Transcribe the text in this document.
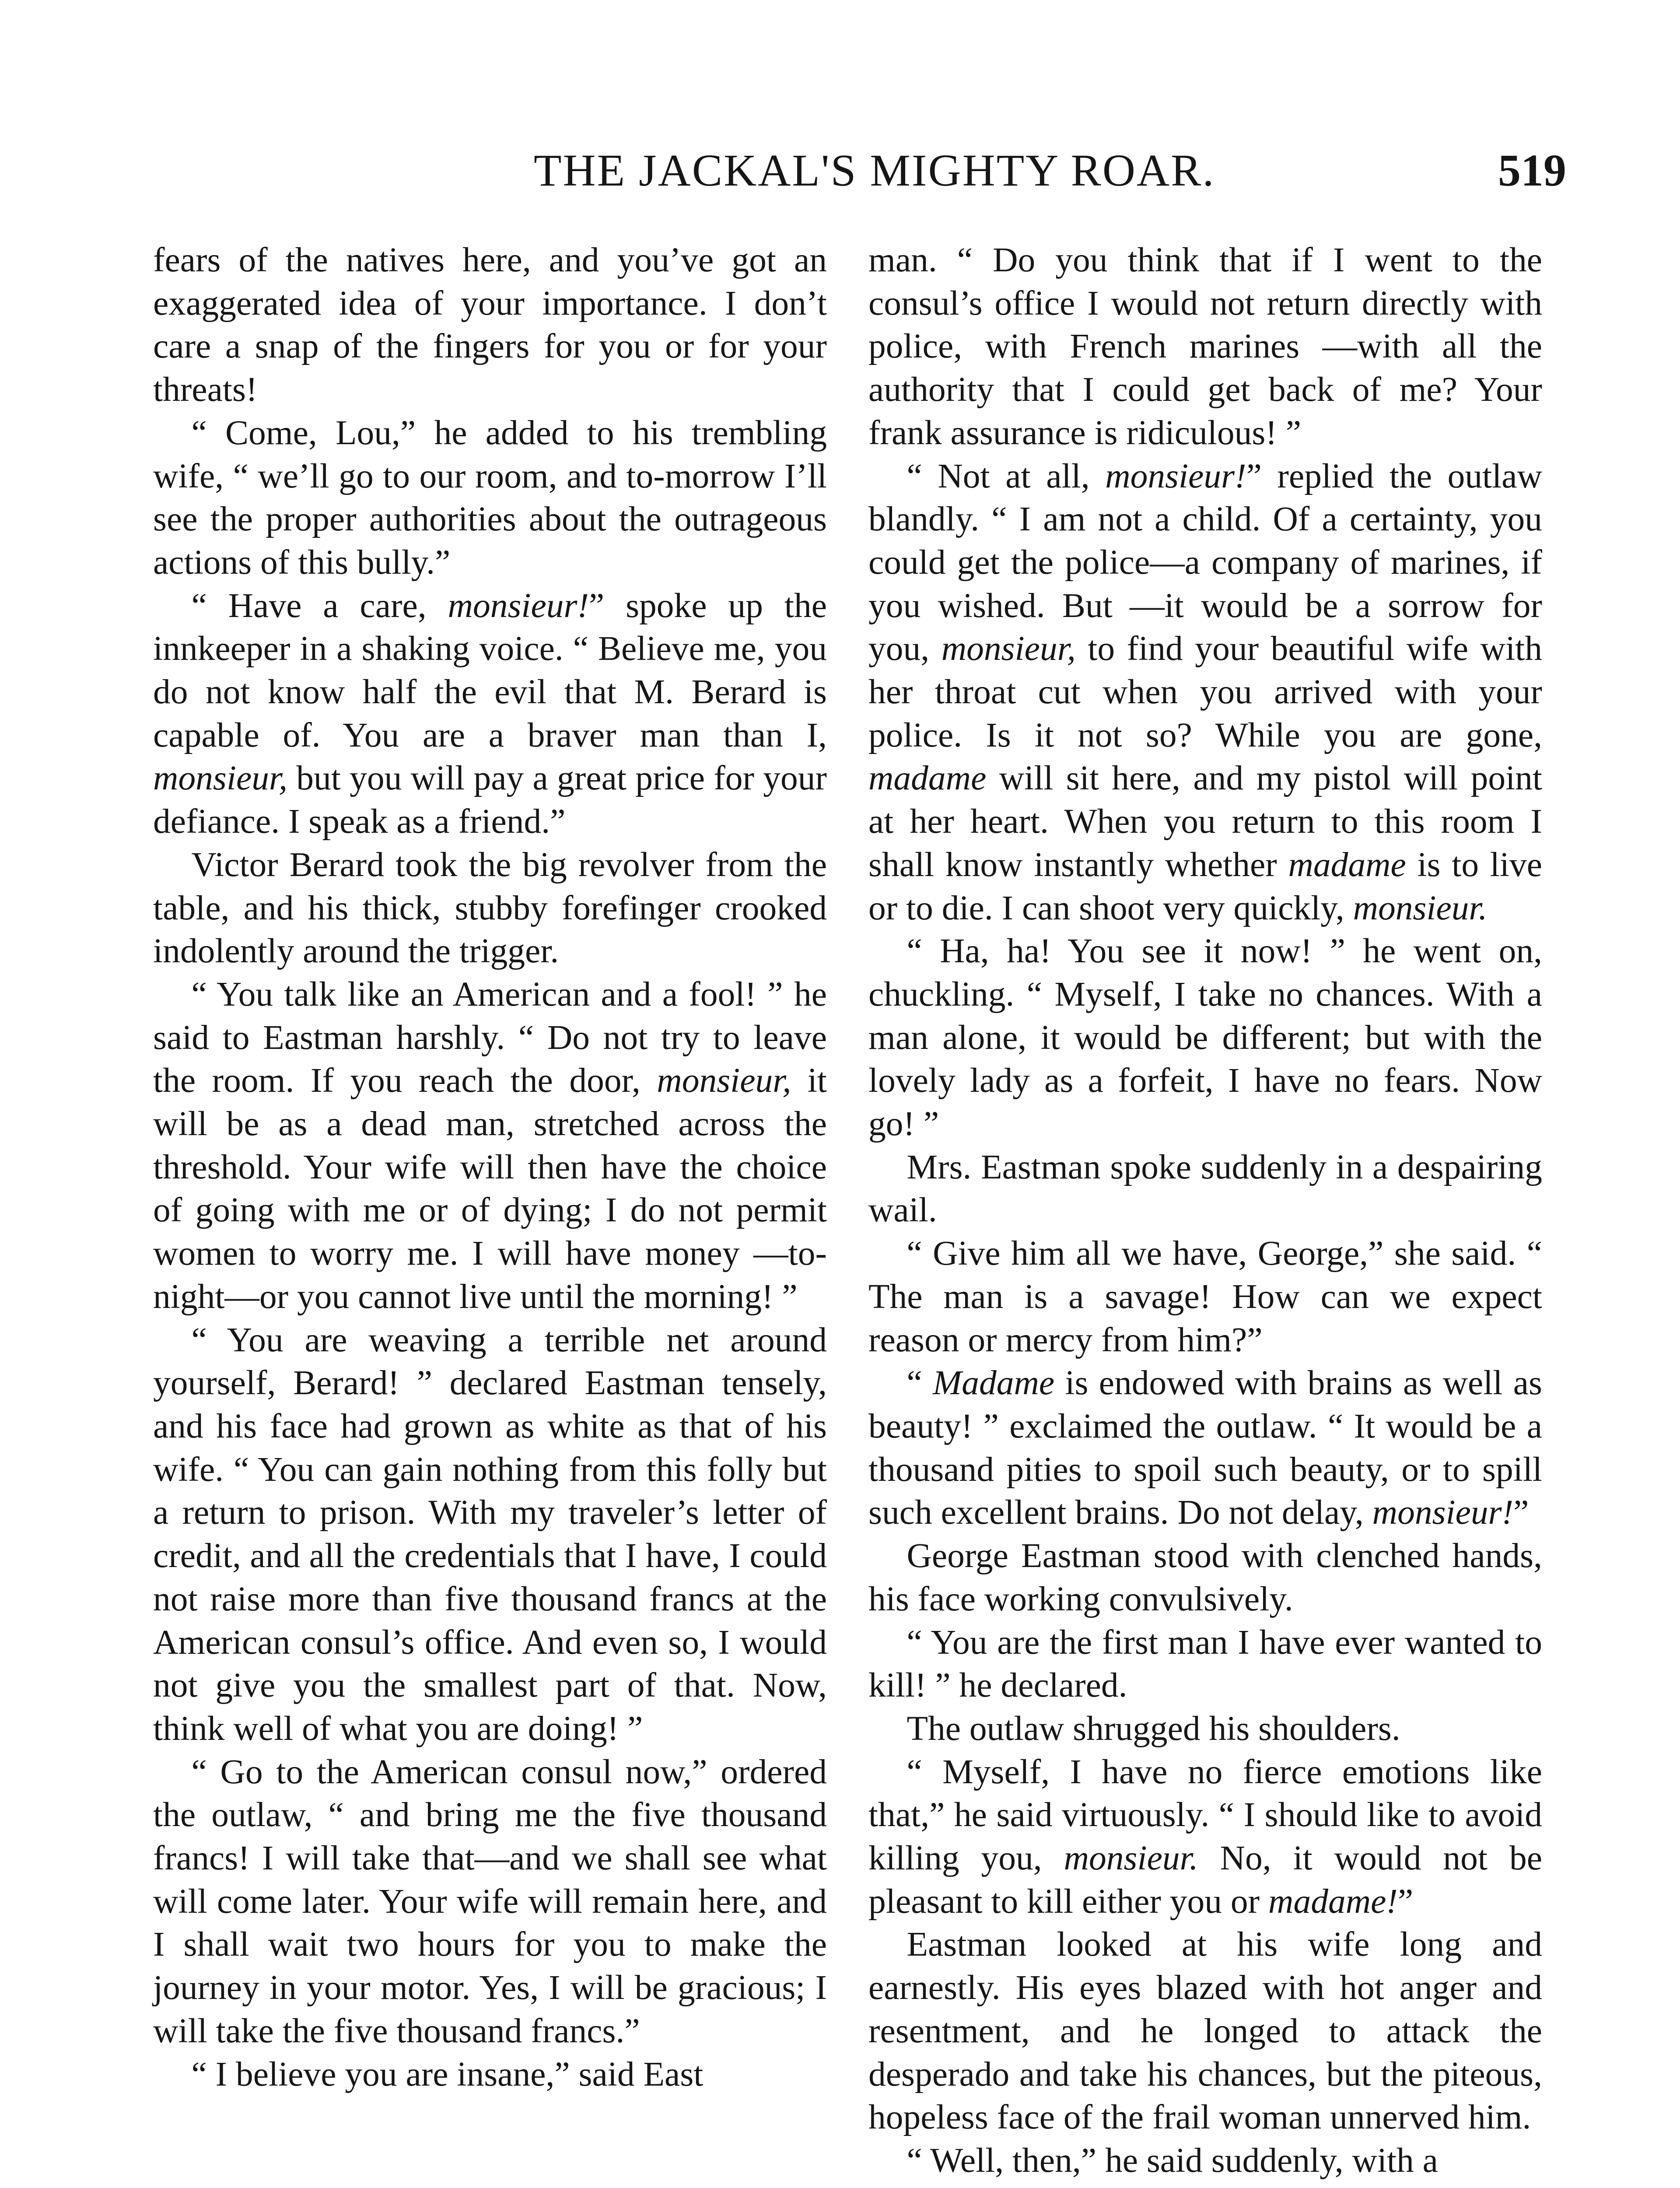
THE JACKAL'S MIGHTY ROAR.	519

fears of the natives here, and you’ve got an exaggerated idea of your importance. I don’t care a snap of the fingers for you or for your threats!

“ Come, Lou,” he added to his trembling wife, “ we’ll go to our room, and to-morrow I’ll see the proper authorities about the outrageous actions of this bully.”

“ Have a care, monsieur!” spoke up the innkeeper in a shaking voice. “ Believe me, you do not know half the evil that M. Berard is capable of. You are a braver man than I, monsieur, but you will pay a great price for your defiance. I speak as a friend.”

Victor Berard took the big revolver from the table, and his thick, stubby forefinger crooked indolently around the trigger.

“ You talk like an American and a fool! ” he said to Eastman harshly. “ Do not try to leave the room. If you reach the door, monsieur, it will be as a dead man, stretched across the threshold. Your wife will then have the choice of going with me or of dying; I do not permit women to worry me. I will have money —to-night—or you cannot live until the morning! ”

“ You are weaving a terrible net around yourself, Berard! ” declared Eastman tensely, and his face had grown as white as that of his wife. “ You can gain nothing from this folly but a return to prison. With my traveler’s letter of credit, and all the credentials that I have, I could not raise more than five thousand francs at the American consul’s office. And even so, I would not give you the smallest part of that. Now, think well of what you are doing! ”

“ Go to the American consul now,” ordered the outlaw, “ and bring me the five thousand francs! I will take that—and we shall see what will come later. Your wife will remain here, and I shall wait two hours for you to make the journey in your motor. Yes, I will be gracious; I will take the five thousand francs.”

“ I believe you are insane,” said East

man. “ Do you think that if I went to the consul’s office I would not return directly with police, with French marines —with all the authority that I could get back of me? Your frank assurance is ridiculous! ”

“ Not at all, monsieur!” replied the outlaw blandly. “ I am not a child. Of a certainty, you could get the police—a company of marines, if you wished. But —it would be a sorrow for you, monsieur, to find your beautiful wife with her throat cut when you arrived with your police. Is it not so? While you are gone, madame will sit here, and my pistol will point at her heart. When you return to this room I shall know instantly whether madame is to live or to die. I can shoot very quickly, monsieur.

“ Ha, ha! You see it now! ” he went on, chuckling. “ Myself, I take no chances. With a man alone, it would be different; but with the lovely lady as a forfeit, I have no fears. Now go! ”

Mrs. Eastman spoke suddenly in a despairing wail.

“ Give him all we have, George,” she said. “ The man is a savage! How can we expect reason or mercy from him?”

“ Madame is endowed with brains as well as beauty! ” exclaimed the outlaw. “ It would be a thousand pities to spoil such beauty, or to spill such excellent brains. Do not delay, monsieur!”

George Eastman stood with clenched hands, his face working convulsively.

“ You are the first man I have ever wanted to kill! ” he declared.

The outlaw shrugged his shoulders.

“ Myself, I have no fierce emotions like that,” he said virtuously. “ I should like to avoid killing you, monsieur. No, it would not be pleasant to kill either you or madame!”

Eastman looked at his wife long and earnestly. His eyes blazed with hot anger and resentment, and he longed to attack the desperado and take his chances, but the piteous, hopeless face of the frail woman unnerved him.

“ Well, then,” he said suddenly, with a
